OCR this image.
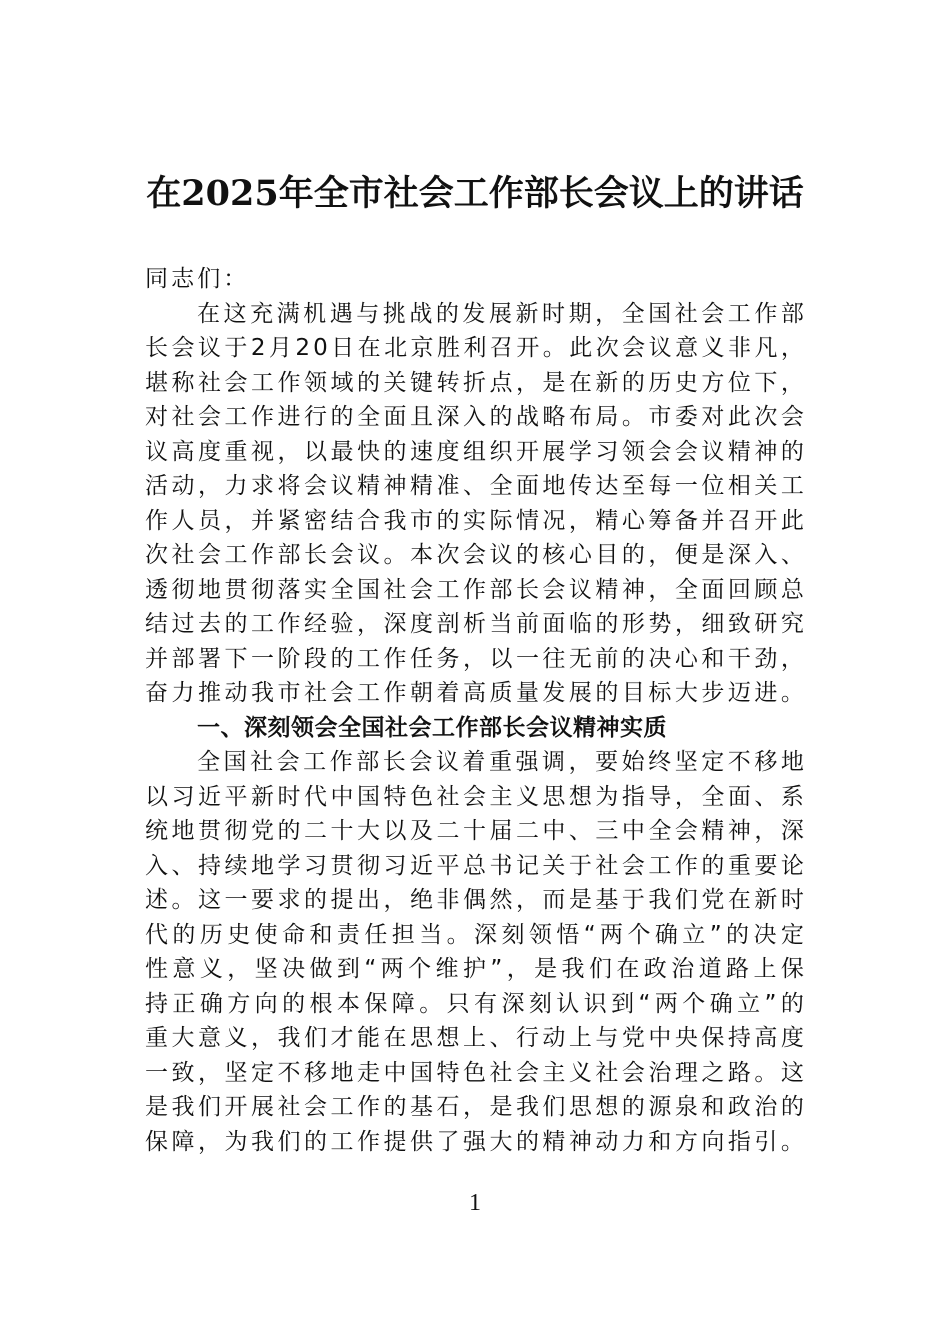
在2025年全市社会工作部长会议上的讲话
同志们：
在这充满机遇与挑战的发展新时期，全国社会工作部
长会议于2月20日在北京胜利召开。此次会议意义非凡，
堪称社会工作领域的关键转折点，是在新的历史方位下，
对社会工作进行的全面且深入的战略布局。市委对此次会
议高度重视，以最快的速度组织开展学习领会会议精神的
活动，力求将会议精神精准、全面地传达至每一位相关工
作人员，并紧密结合我市的实际情况，精心筹备并召开此
次社会工作部长会议。本次会议的核心目的，便是深入、
透彻地贯彻落实全国社会工作部长会议精神，全面回顾总
结过去的工作经验，深度剖析当前面临的形势，细致研究
并部署下一阶段的工作任务，以一往无前的决心和干劲，
奋力推动我市社会工作朝着高质量发展的目标大步迈进。
一、深刻领会全国社会工作部长会议精神实质
全国社会工作部长会议着重强调，要始终坚定不移地
以习近平新时代中国特色社会主义思想为指导，全面、系
统地贯彻党的二十大以及二十届二中、三中全会精神，深
入、持续地学习贯彻习近平总书记关于社会工作的重要论
述。这一要求的提出，绝非偶然，而是基于我们党在新时
代的历史使命和责任担当。深刻领悟“两个确立”的决定
性意义，坚决做到“两个维护”，是我们在政治道路上保
持正确方向的根本保障。只有深刻认识到“两个确立”的
重大意义，我们才能在思想上、行动上与党中央保持高度
一致，坚定不移地走中国特色社会主义社会治理之路。这
是我们开展社会工作的基石，是我们思想的源泉和政治的
保障，为我们的工作提供了强大的精神动力和方向指引。
1
